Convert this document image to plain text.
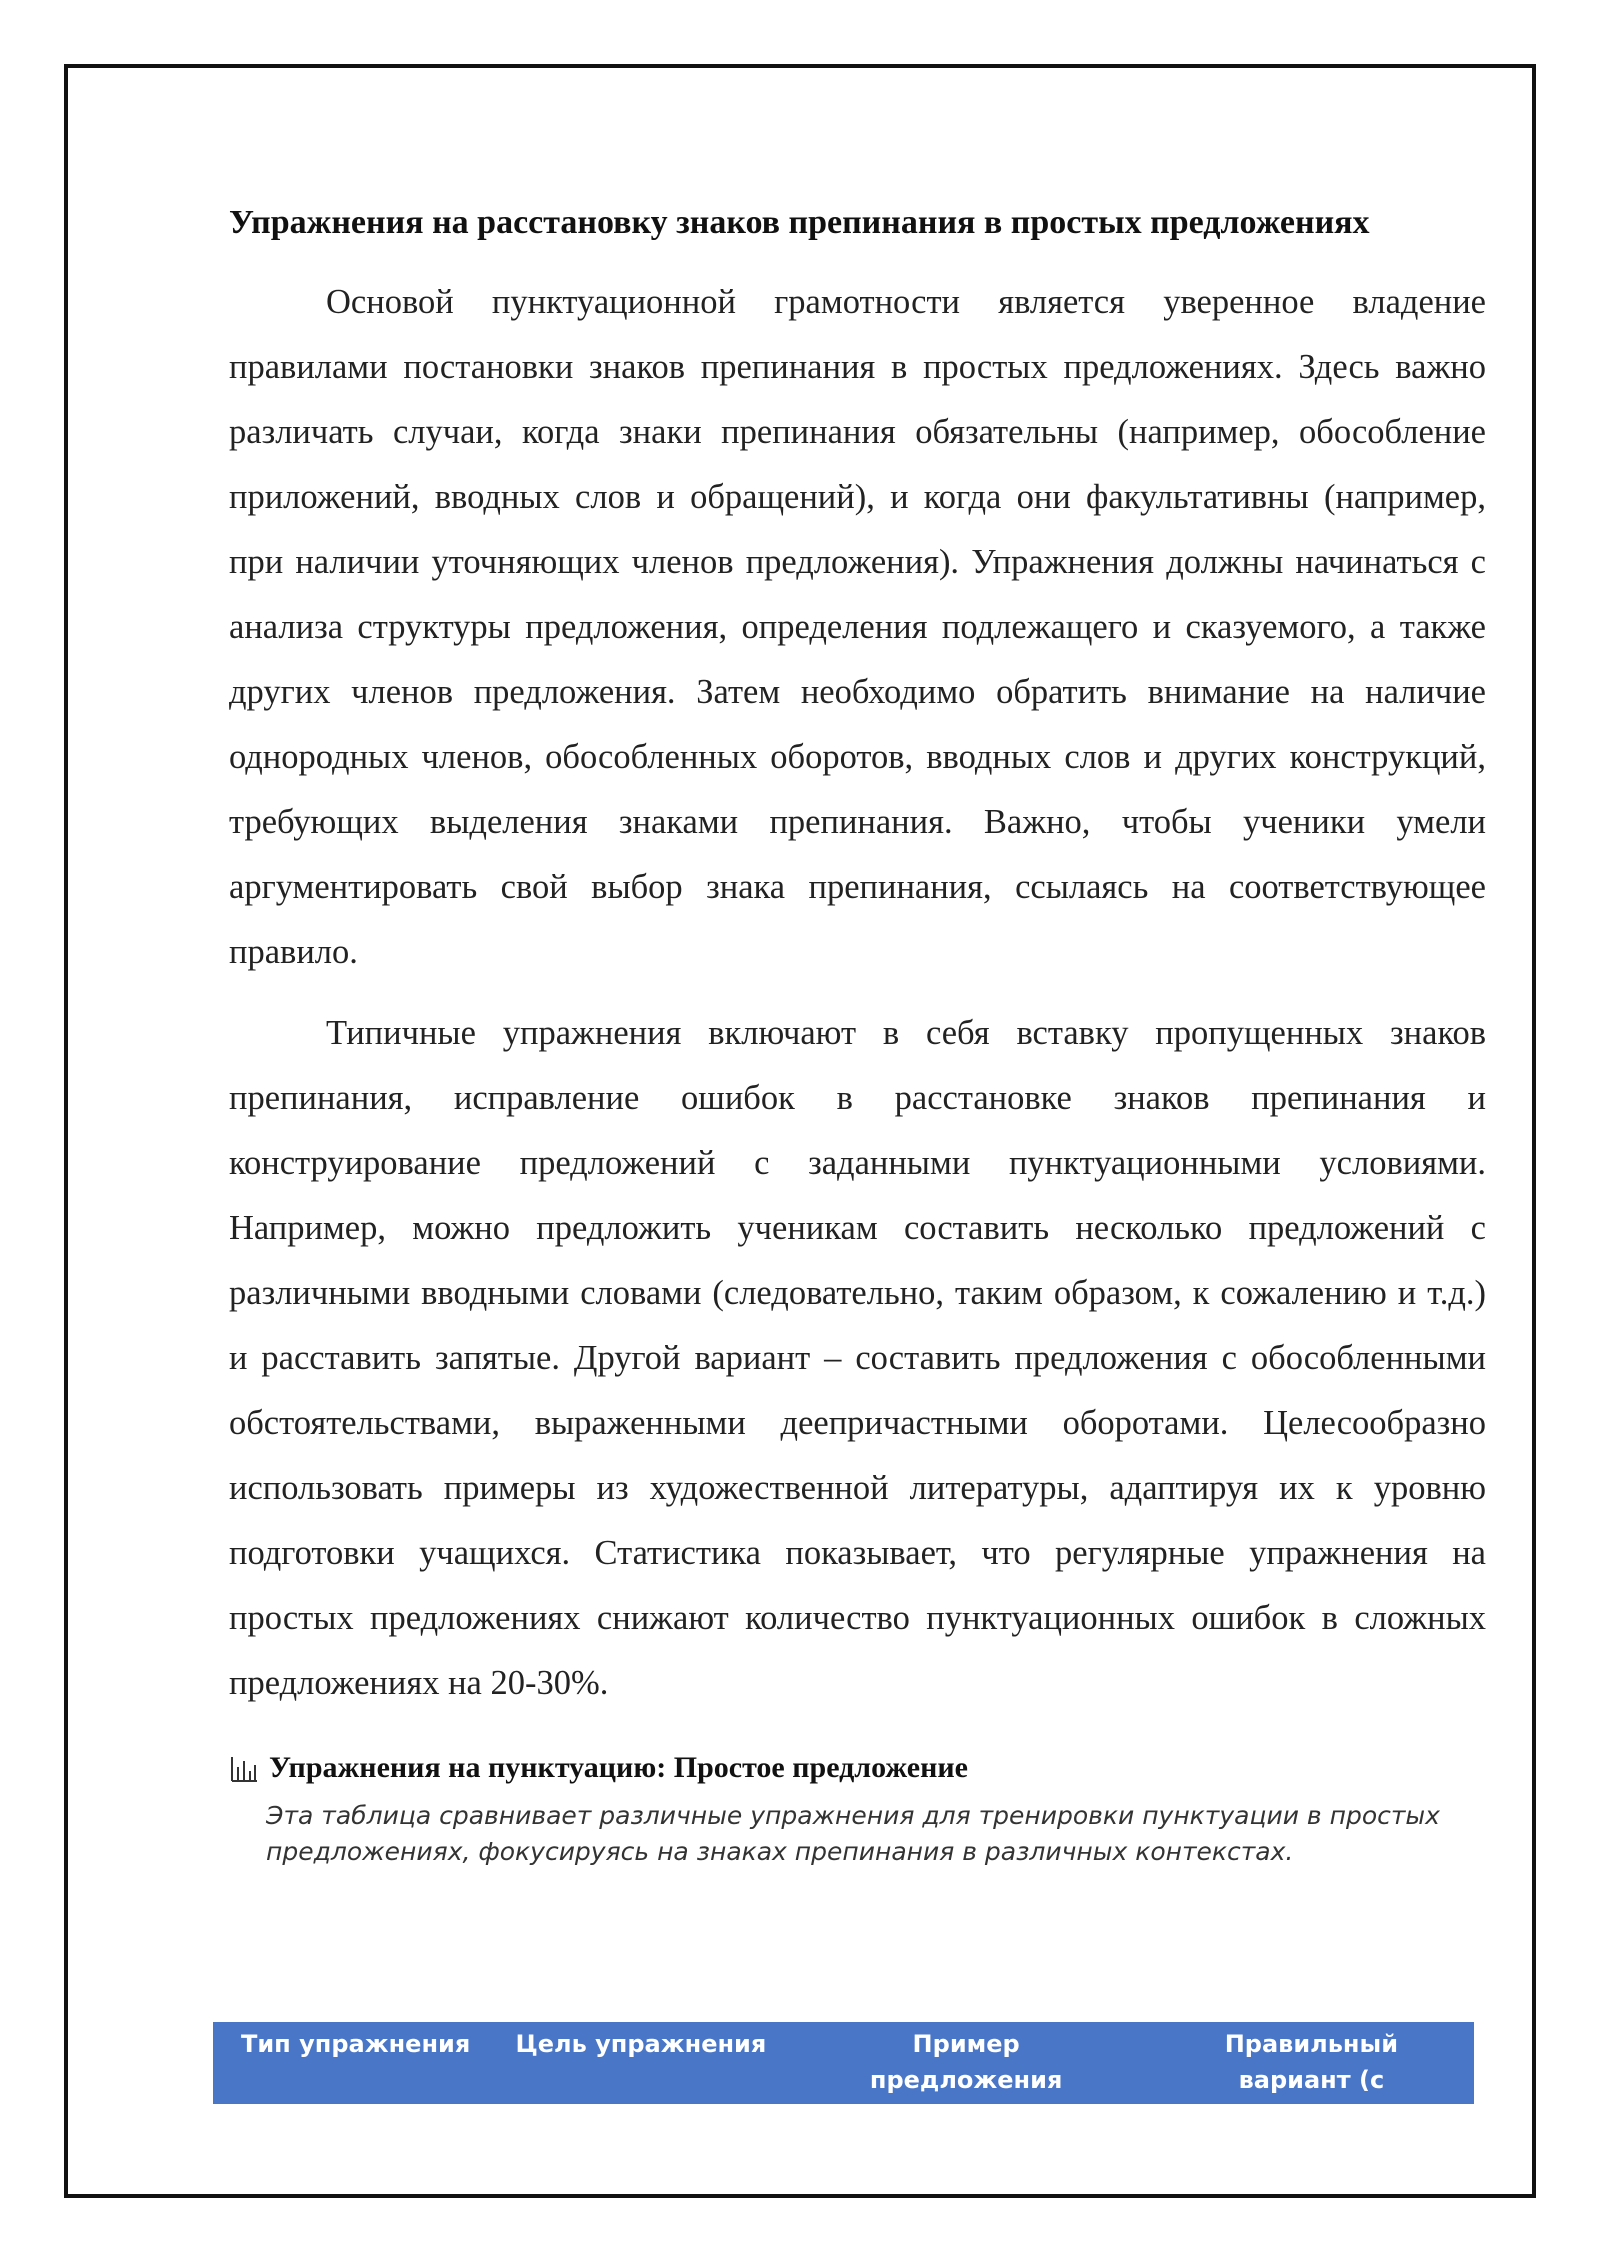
Упражнения на расстановку знаков препинания в простых предложениях

Основой пунктуационной грамотности является уверенное владение правилами постановки знаков препинания в простых предложениях. Здесь важно различать случаи, когда знаки препинания обязательны (например, обособление приложений, вводных слов и обращений), и когда они факультативны (например, при наличии уточняющих членов предложения). Упражнения должны начинаться с анализа структуры предложения, определения подлежащего и сказуемого, а также других членов предложения. Затем необходимо обратить внимание на наличие однородных членов, обособленных оборотов, вводных слов и других конструкций, требующих выделения знаками препинания. Важно, чтобы ученики умели аргументировать свой выбор знака препинания, ссылаясь на соответствующее правило.

Типичные упражнения включают в себя вставку пропущенных знаков препинания, исправление ошибок в расстановке знаков препинания и конструирование предложений с заданными пунктуационными условиями. Например, можно предложить ученикам составить несколько предложений с различными вводными словами (следовательно, таким образом, к сожалению и т.д.) и расставить запятые. Другой вариант – составить предложения с обособленными обстоятельствами, выраженными деепричастными оборотами. Целесообразно использовать примеры из художественной литературы, адаптируя их к уровню подготовки учащихся. Статистика показывает, что регулярные упражнения на простых предложениях снижают количество пунктуационных ошибок в сложных предложениях на 20-30%.

Упражнения на пунктуацию: Простое предложение
Эта таблица сравнивает различные упражнения для тренировки пунктуации в простых предложениях, фокусируясь на знаках препинания в различных контекстах.
Тип упражнения	Цель упражнения	Пример предложения
Правильный вариант (с пунктуацией)
